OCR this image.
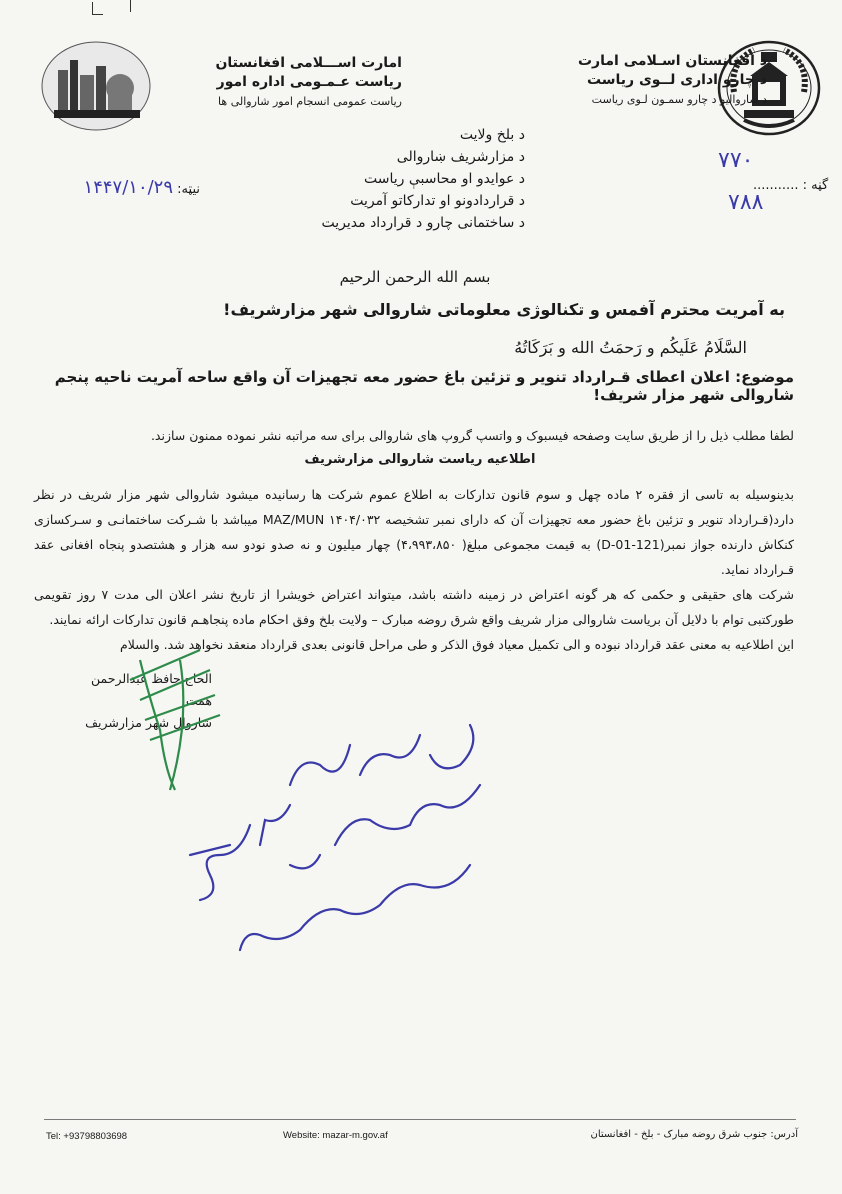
د افغانستان اسـلامی امارت
د چارو اداری لــوی ریاست
د ښاروالیو د چارو سمـون لـوی ریاست
امارت اســـلامی افغانستان
ریاست عـمـومی اداره امور
ریاست عمومی انسجام امور شاروالی ها
د بلخ ولایت
د مزارشریف ښاروالی
د عوایدو او محاسبې ریاست
د قراردادونو او تدارکاتو آمریت
د ساختمانی چارو د قرارداد مدیریت
۷۷۰
گڼه : ...........
۷۸۸
نیټه: ۱۴۴۷/۱۰/۲۹
بسم الله الرحمن الرحیم
به آمریت محترم آفمس و تکنالوژی معلوماتی شاروالی شهر مزارشریف!
السَّلَامُ عَلَيكُم و رَحمَتُ الله و بَرَكَاتُهُ
موضوع: اعلان اعطای قـرارداد تنویر و تزئین باغ حضور معه تجهیزات آن واقع ساحه آمریت ناحیه پنجم شاروالی شهر مزار شریف!
لطفا مطلب ذیل را از طریق سایت وصفحه فیسبوک و واتسپ گروپ های شاروالی برای سه مراتبه نشر نموده ممنون سازند.
اطلاعیه ریاست شاروالی مزارشریف

بدینوسیله به تاسی از فقره ۲ ماده چهل و سوم قانون تدارکات به اطلاع عموم شرکت ها رسانیده میشود شاروالی شهر مزار شریف در نظر دارد(قـرارداد تنویر و تزئین باغ حضور معه تجهیزات آن که دارای نمبر تشخیصه MAZ/MUN ۱۴۰۴/۰۳۲ میباشد با شـرکت ساختمانـی و سـرکسازی کنکاش دارنده جواز نمبر(D-01-121) به قیمت مجموعی مبلغ( ۴،۹۹۳،۸۵۰) چهار میلیون و نه صدو نودو سه هزار و هشتصدو پنجاه افغانی عقد قـرارداد نماید.

شرکت های حقیقی و حکمی که هر گونه اعتراض در زمینه داشته باشد، میتواند اعتراض خویشرا از تاریخ نشر اعلان الی مدت ۷ روز تقویمی طورکتبی توام با دلایل آن بریاست شاروالی مزار شریف واقع شرق روضه مبارک – ولایت بلخ وفق احکام ماده پنجاهـم قانون تدارکات ارائه نمایند.

این اطلاعیه به معنی عقد قرارداد نبوده و الی تکمیل معیاد فوق الذکر و طی مراحل قانونی بعدی قرارداد منعقد نخواهد شد. والسلام

الحاج حافظ عبدالرحمن همت
شاروال شهر مزارشریف
Tel: +93798803698	Website: mazar-m.gov.af	آدرس: جنوب شرق روضه مبارک - بلخ - افغانستان
